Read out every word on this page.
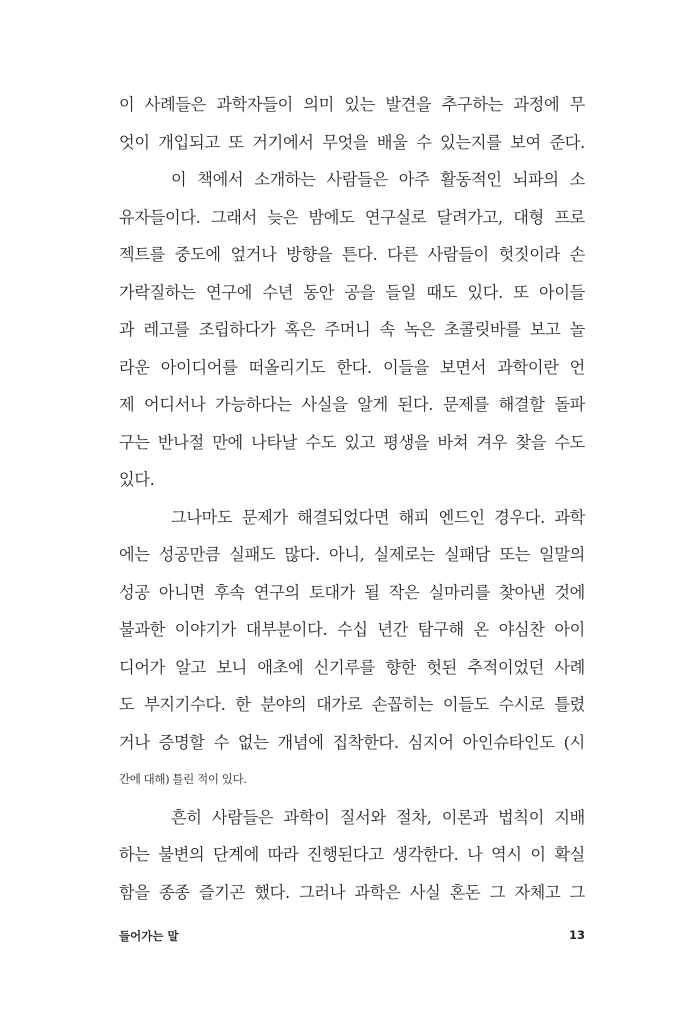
이 사례들은 과학자들이 의미 있는 발견을 추구하는 과정에 무
엇이 개입되고 또 거기에서 무엇을 배울 수 있는지를 보여 준다.
이 책에서 소개하는 사람들은 아주 활동적인 뇌파의 소
유자들이다. 그래서 늦은 밤에도 연구실로 달려가고, 대형 프로
젝트를 중도에 엎거나 방향을 튼다. 다른 사람들이 헛짓이라 손
가락질하는 연구에 수년 동안 공을 들일 때도 있다. 또 아이들
과 레고를 조립하다가 혹은 주머니 속 녹은 초콜릿바를 보고 놀
라운 아이디어를 떠올리기도 한다. 이들을 보면서 과학이란 언
제 어디서나 가능하다는 사실을 알게 된다. 문제를 해결할 돌파
구는 반나절 만에 나타날 수도 있고 평생을 바쳐 겨우 찾을 수도
있다.
그나마도 문제가 해결되었다면 해피 엔드인 경우다. 과학
에는 성공만큼 실패도 많다. 아니, 실제로는 실패담 또는 일말의
성공 아니면 후속 연구의 토대가 될 작은 실마리를 찾아낸 것에
불과한 이야기가 대부분이다. 수십 년간 탐구해 온 야심찬 아이
디어가 알고 보니 애초에 신기루를 향한 헛된 추적이었던 사례
도 부지기수다. 한 분야의 대가로 손꼽히는 이들도 수시로 틀렸
거나 증명할 수 없는 개념에 집착한다. 심지어 아인슈타인도 (시
간에 대해) 틀린 적이 있다.
흔히 사람들은 과학이 질서와 절차, 이론과 법칙이 지배
하는 불변의 단계에 따라 진행된다고 생각한다. 나 역시 이 확실
함을 종종 즐기곤 했다. 그러나 과학은 사실 혼돈 그 자체고 그
들어가는 말	13
